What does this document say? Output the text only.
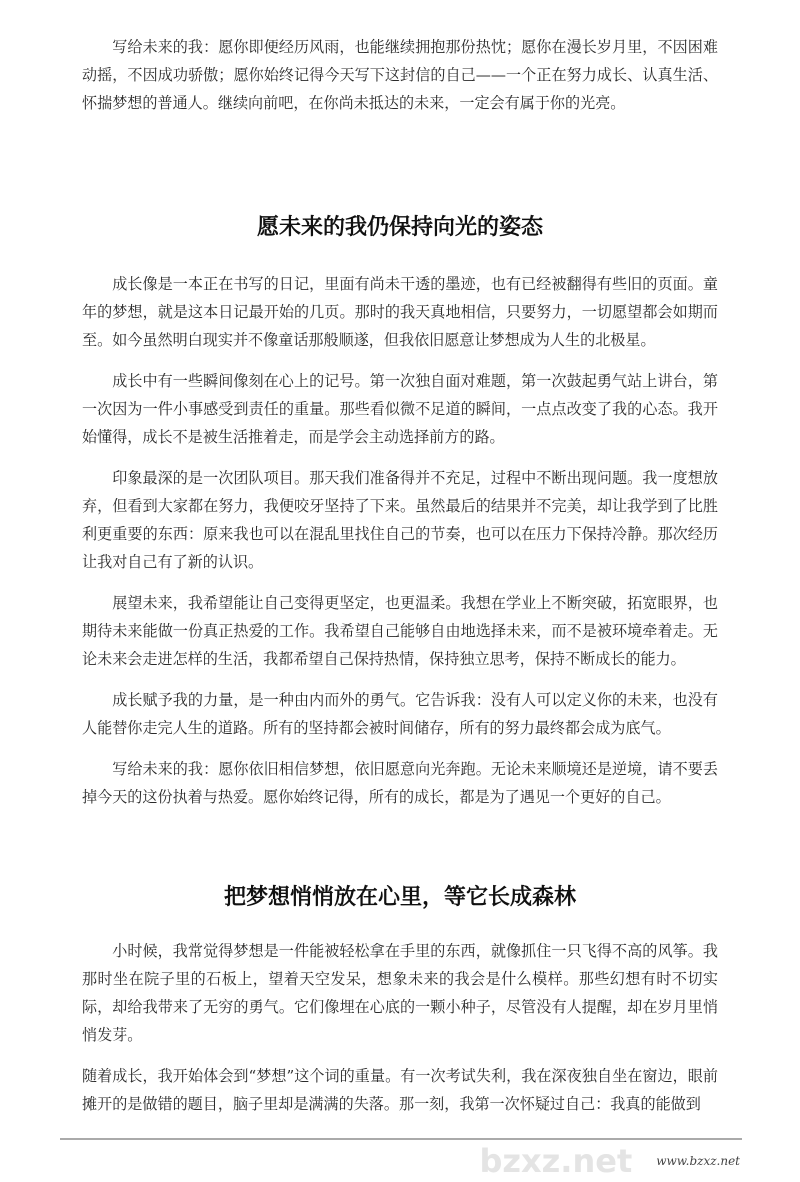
写给未来的我：愿你即便经历风雨，也能继续拥抱那份热忱；愿你在漫长岁月里，不因困难动摇，不因成功骄傲；愿你始终记得今天写下这封信的自己——一个正在努力成长、认真生活、怀揣梦想的普通人。继续向前吧，在你尚未抵达的未来，一定会有属于你的光亮。

愿未来的我仍保持向光的姿态

成长像是一本正在书写的日记，里面有尚未干透的墨迹，也有已经被翻得有些旧的页面。童年的梦想，就是这本日记最开始的几页。那时的我天真地相信，只要努力，一切愿望都会如期而至。如今虽然明白现实并不像童话那般顺遂，但我依旧愿意让梦想成为人生的北极星。

成长中有一些瞬间像刻在心上的记号。第一次独自面对难题，第一次鼓起勇气站上讲台，第一次因为一件小事感受到责任的重量。那些看似微不足道的瞬间，一点点改变了我的心态。我开始懂得，成长不是被生活推着走，而是学会主动选择前方的路。

印象最深的是一次团队项目。那天我们准备得并不充足，过程中不断出现问题。我一度想放弃，但看到大家都在努力，我便咬牙坚持了下来。虽然最后的结果并不完美，却让我学到了比胜利更重要的东西：原来我也可以在混乱里找住自己的节奏，也可以在压力下保持冷静。那次经历让我对自己有了新的认识。

展望未来，我希望能让自己变得更坚定，也更温柔。我想在学业上不断突破，拓宽眼界，也期待未来能做一份真正热爱的工作。我希望自己能够自由地选择未来，而不是被环境牵着走。无论未来会走进怎样的生活，我都希望自己保持热情，保持独立思考，保持不断成长的能力。

成长赋予我的力量，是一种由内而外的勇气。它告诉我：没有人可以定义你的未来，也没有人能替你走完人生的道路。所有的坚持都会被时间储存，所有的努力最终都会成为底气。

写给未来的我：愿你依旧相信梦想，依旧愿意向光奔跑。无论未来顺境还是逆境，请不要丢掉今天的这份执着与热爱。愿你始终记得，所有的成长，都是为了遇见一个更好的自己。

把梦想悄悄放在心里，等它长成森林

小时候，我常觉得梦想是一件能被轻松拿在手里的东西，就像抓住一只飞得不高的风筝。我那时坐在院子里的石板上，望着天空发呆，想象未来的我会是什么模样。那些幻想有时不切实际，却给我带来了无穷的勇气。它们像埋在心底的一颗小种子，尽管没有人提醒，却在岁月里悄悄发芽。

随着成长，我开始体会到“梦想”这个词的重量。有一次考试失利，我在深夜独自坐在窗边，眼前摊开的是做错的题目，脑子里却是满满的失落。那一刻，我第一次怀疑过自己：我真的能做到

bzxz.net www.bzxz.net
